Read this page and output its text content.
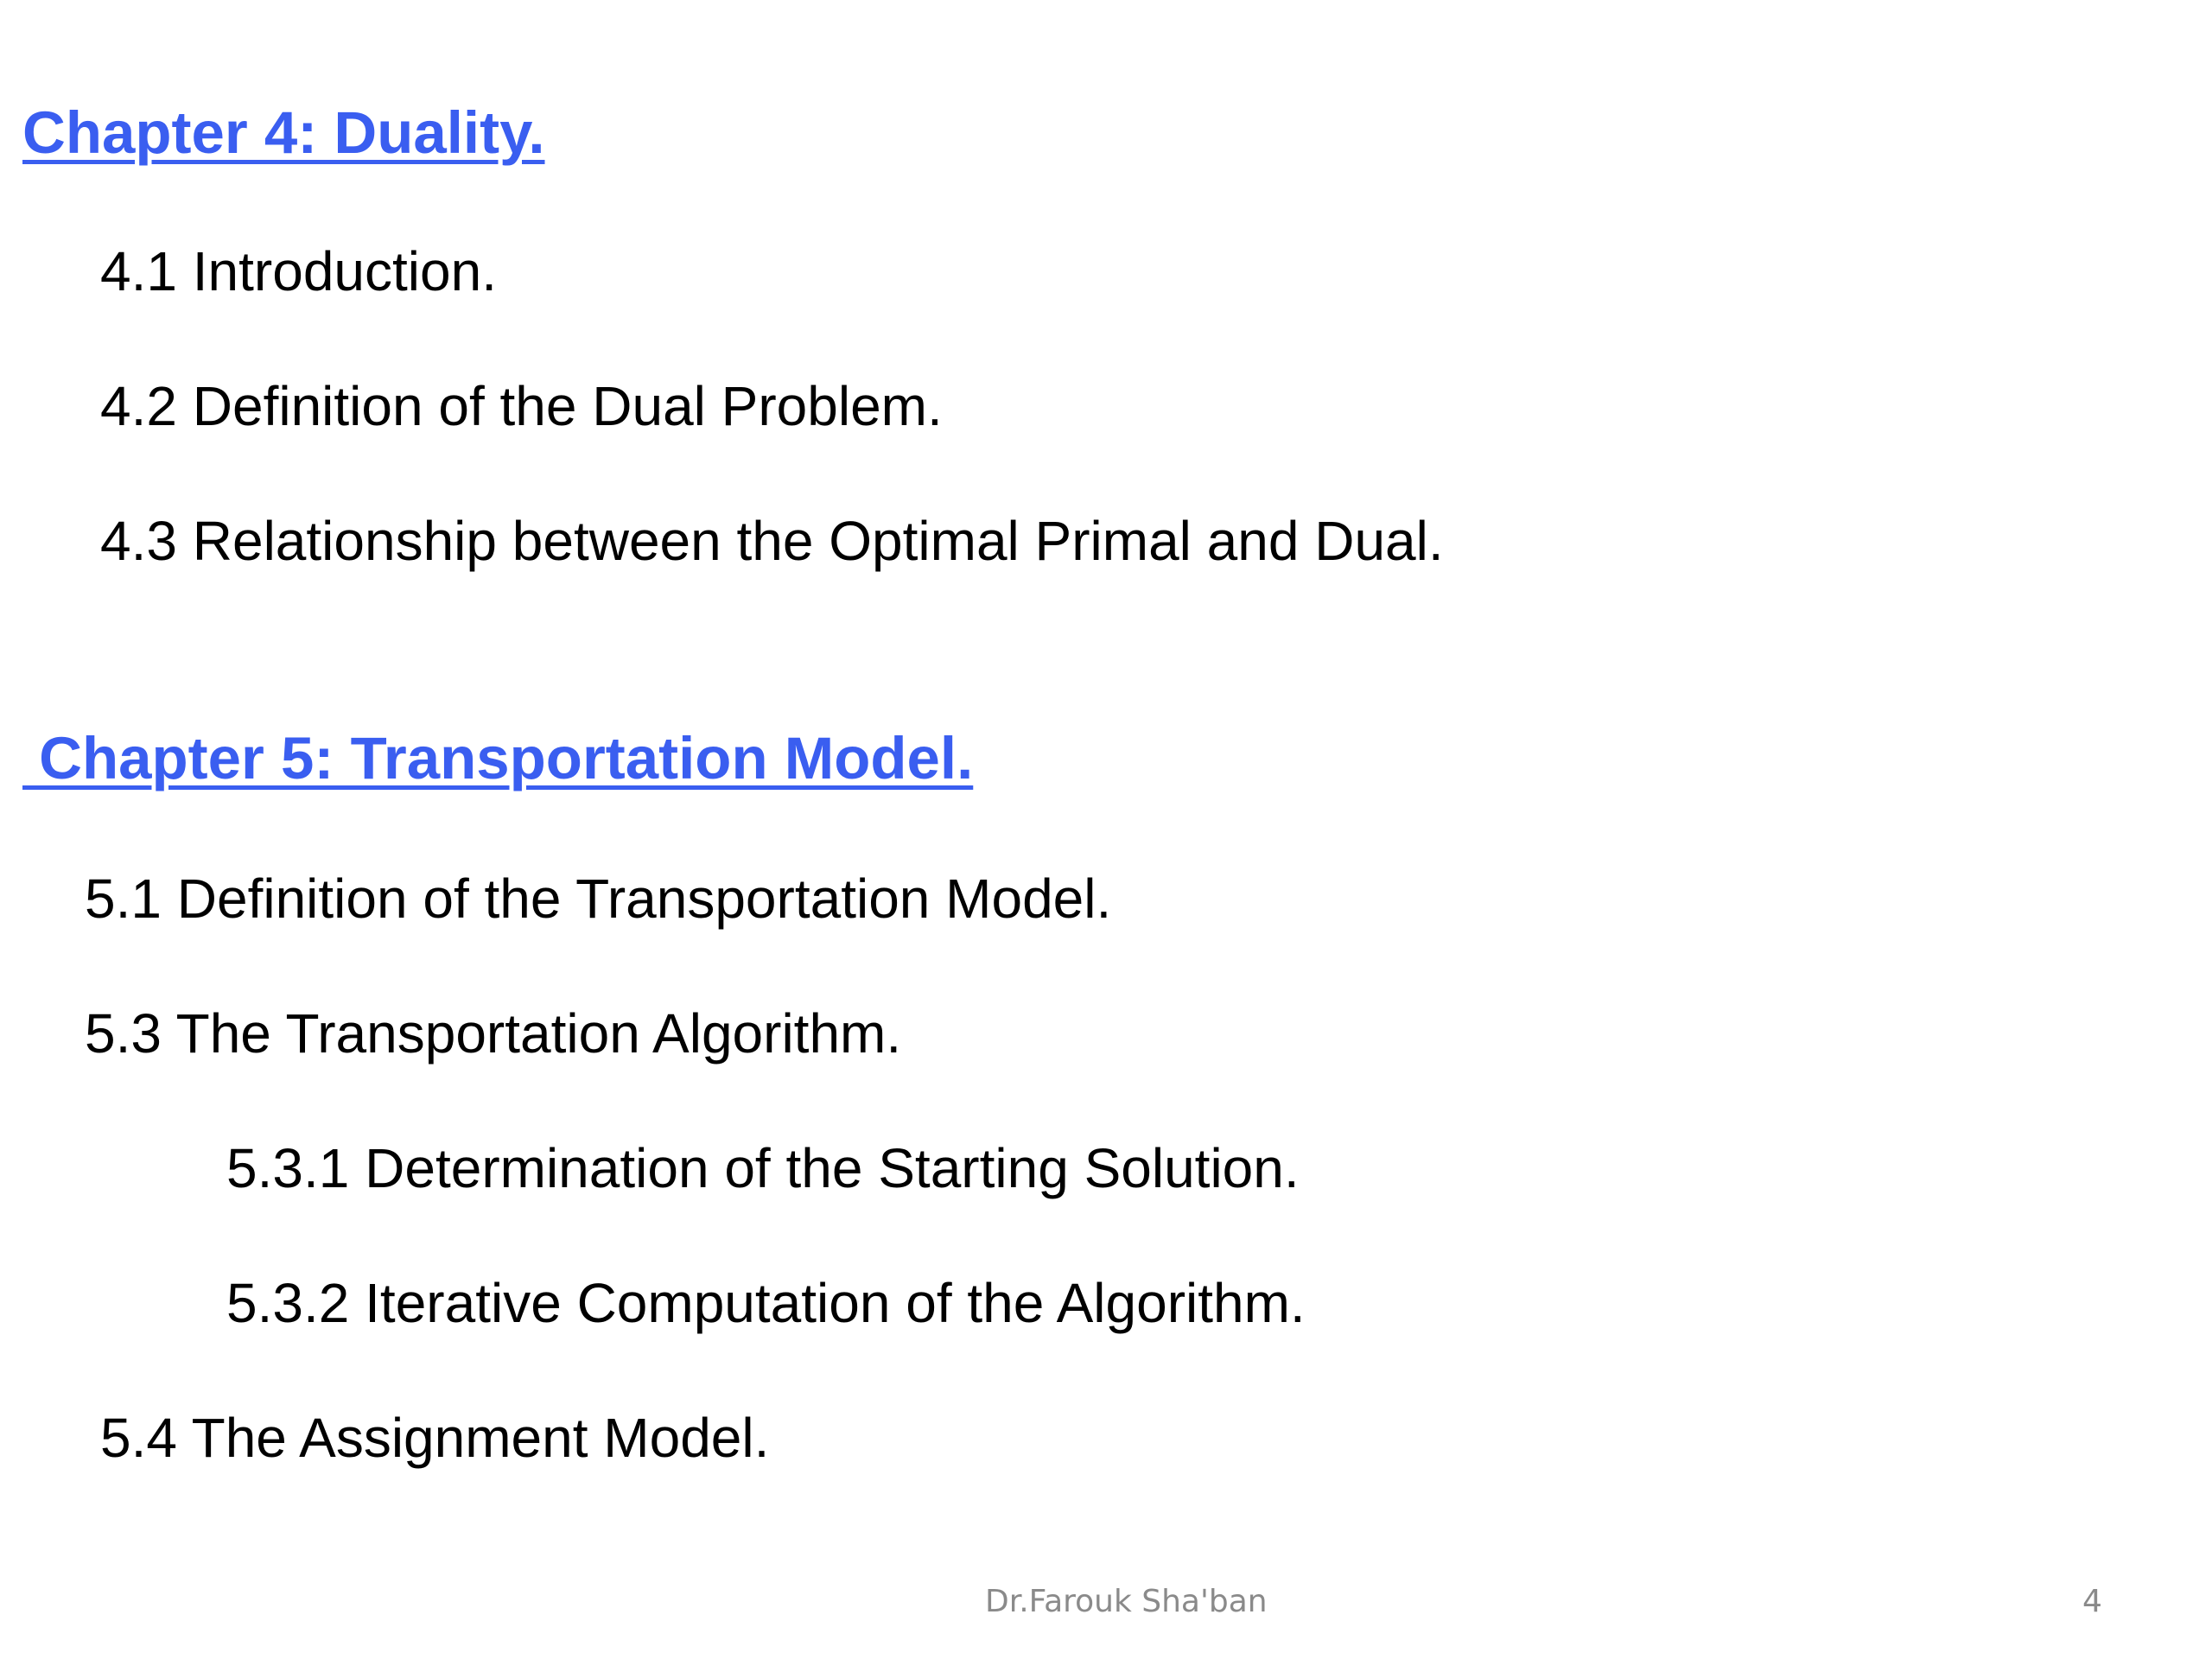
Chapter 4: Duality.

4.1 Introduction.

4.2 Definition of the Dual Problem.

4.3 Relationship between the Optimal Primal and Dual.

Chapter 5: Transportation Model.

5.1 Definition of the Transportation Model.

5.3 The Transportation Algorithm.

5.3.1 Determination of the Starting Solution.

5.3.2 Iterative Computation of the Algorithm.

5.4 The Assignment Model.

Dr.Farouk Sha'ban	4
